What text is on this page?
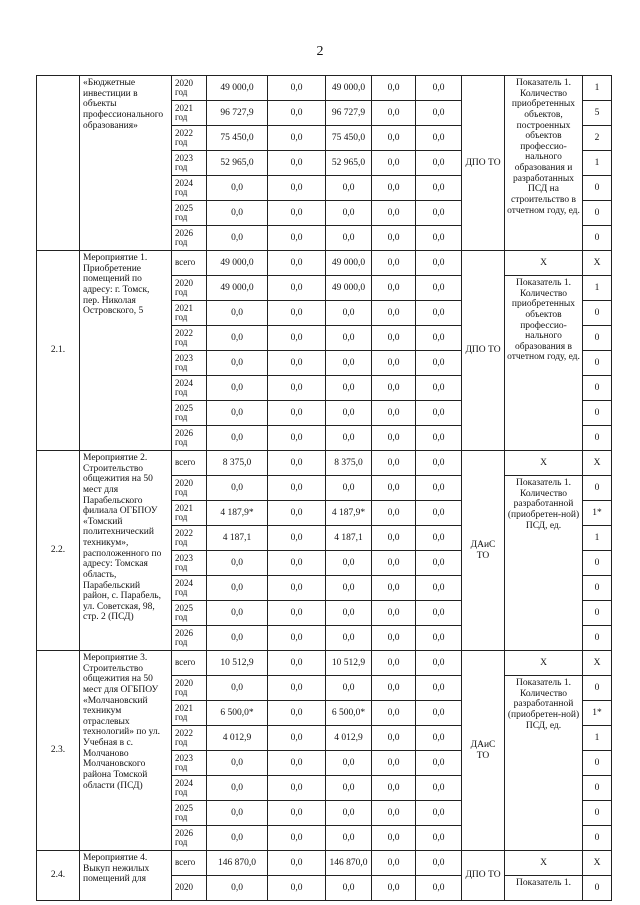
2
	«Бюджетные инвестиции в объекты профессионального образования»	2020 год	49 000,0	0,0	49 000,0	0,0	0,0	ДПО ТО	Показатель 1. Количество приобретенных объектов, построенных объектов профессио-нального образования и разработанных ПСД на строительство в отчетном году, ед.	1
		2021 год	96 727,9	0,0	96 727,9	0,0	0,0			5
		2022 год	75 450,0	0,0	75 450,0	0,0	0,0			2
		2023 год	52 965,0	0,0	52 965,0	0,0	0,0			1
		2024 год	0,0	0,0	0,0	0,0	0,0			0
		2025 год	0,0	0,0	0,0	0,0	0,0			0
		2026 год	0,0	0,0	0,0	0,0	0,0			0
2.1.	Мероприятие 1. Приобретение помещений по адресу: г. Томск, пер. Николая Островского, 5	всего	49 000,0	0,0	49 000,0	0,0	0,0	ДПО ТО	X	X
		2020 год	49 000,0	0,0	49 000,0	0,0	0,0		Показатель 1. Количество приобретенных объектов профессио-нального образования в отчетном году, ед.	1
		2021 год	0,0	0,0	0,0	0,0	0,0			0
		2022 год	0,0	0,0	0,0	0,0	0,0			0
		2023 год	0,0	0,0	0,0	0,0	0,0			0
		2024 год	0,0	0,0	0,0	0,0	0,0			0
		2025 год	0,0	0,0	0,0	0,0	0,0			0
		2026 год	0,0	0,0	0,0	0,0	0,0			0
2.2.	Мероприятие 2. Строительство общежития на 50 мест для Парабельского филиала ОГБПОУ «Томский политехнический техникум», расположенного по адресу: Томская область, Парабельский район, с. Парабель, ул. Советская, 98, стр. 2 (ПСД)	всего	8 375,0	0,0	8 375,0	0,0	0,0	ДАиС ТО	X	X
		2020 год	0,0	0,0	0,0	0,0	0,0		Показатель 1. Количество разработанной (приобретен-ной) ПСД, ед.	0
		2021 год	4 187,9*	0,0	4 187,9*	0,0	0,0			1*
		2022 год	4 187,1	0,0	4 187,1	0,0	0,0			1
		2023 год	0,0	0,0	0,0	0,0	0,0			0
		2024 год	0,0	0,0	0,0	0,0	0,0			0
		2025 год	0,0	0,0	0,0	0,0	0,0			0
		2026 год	0,0	0,0	0,0	0,0	0,0			0
2.3.	Мероприятие 3. Строительство общежития на 50 мест для ОГБПОУ «Молчановский техникум отраслевых технологий» по ул. Учебная в с. Молчаново Молчановского района Томской области (ПСД)	всего	10 512,9	0,0	10 512,9	0,0	0,0	ДАиС ТО	X	X
		2020 год	0,0	0,0	0,0	0,0	0,0		Показатель 1. Количество разработанной (приобретен-ной) ПСД, ед.	0
		2021 год	6 500,0*	0,0	6 500,0*	0,0	0,0			1*
		2022 год	4 012,9	0,0	4 012,9	0,0	0,0			1
		2023 год	0,0	0,0	0,0	0,0	0,0			0
		2024 год	0,0	0,0	0,0	0,0	0,0			0
		2025 год	0,0	0,0	0,0	0,0	0,0			0
		2026 год	0,0	0,0	0,0	0,0	0,0			0
2.4.	Мероприятие 4. Выкуп нежилых помещений для	всего	146 870,0	0,0	146 870,0	0,0	0,0	ДПО ТО	X	X
		2020	0,0	0,0	0,0	0,0	0,0		Показатель 1.	0
